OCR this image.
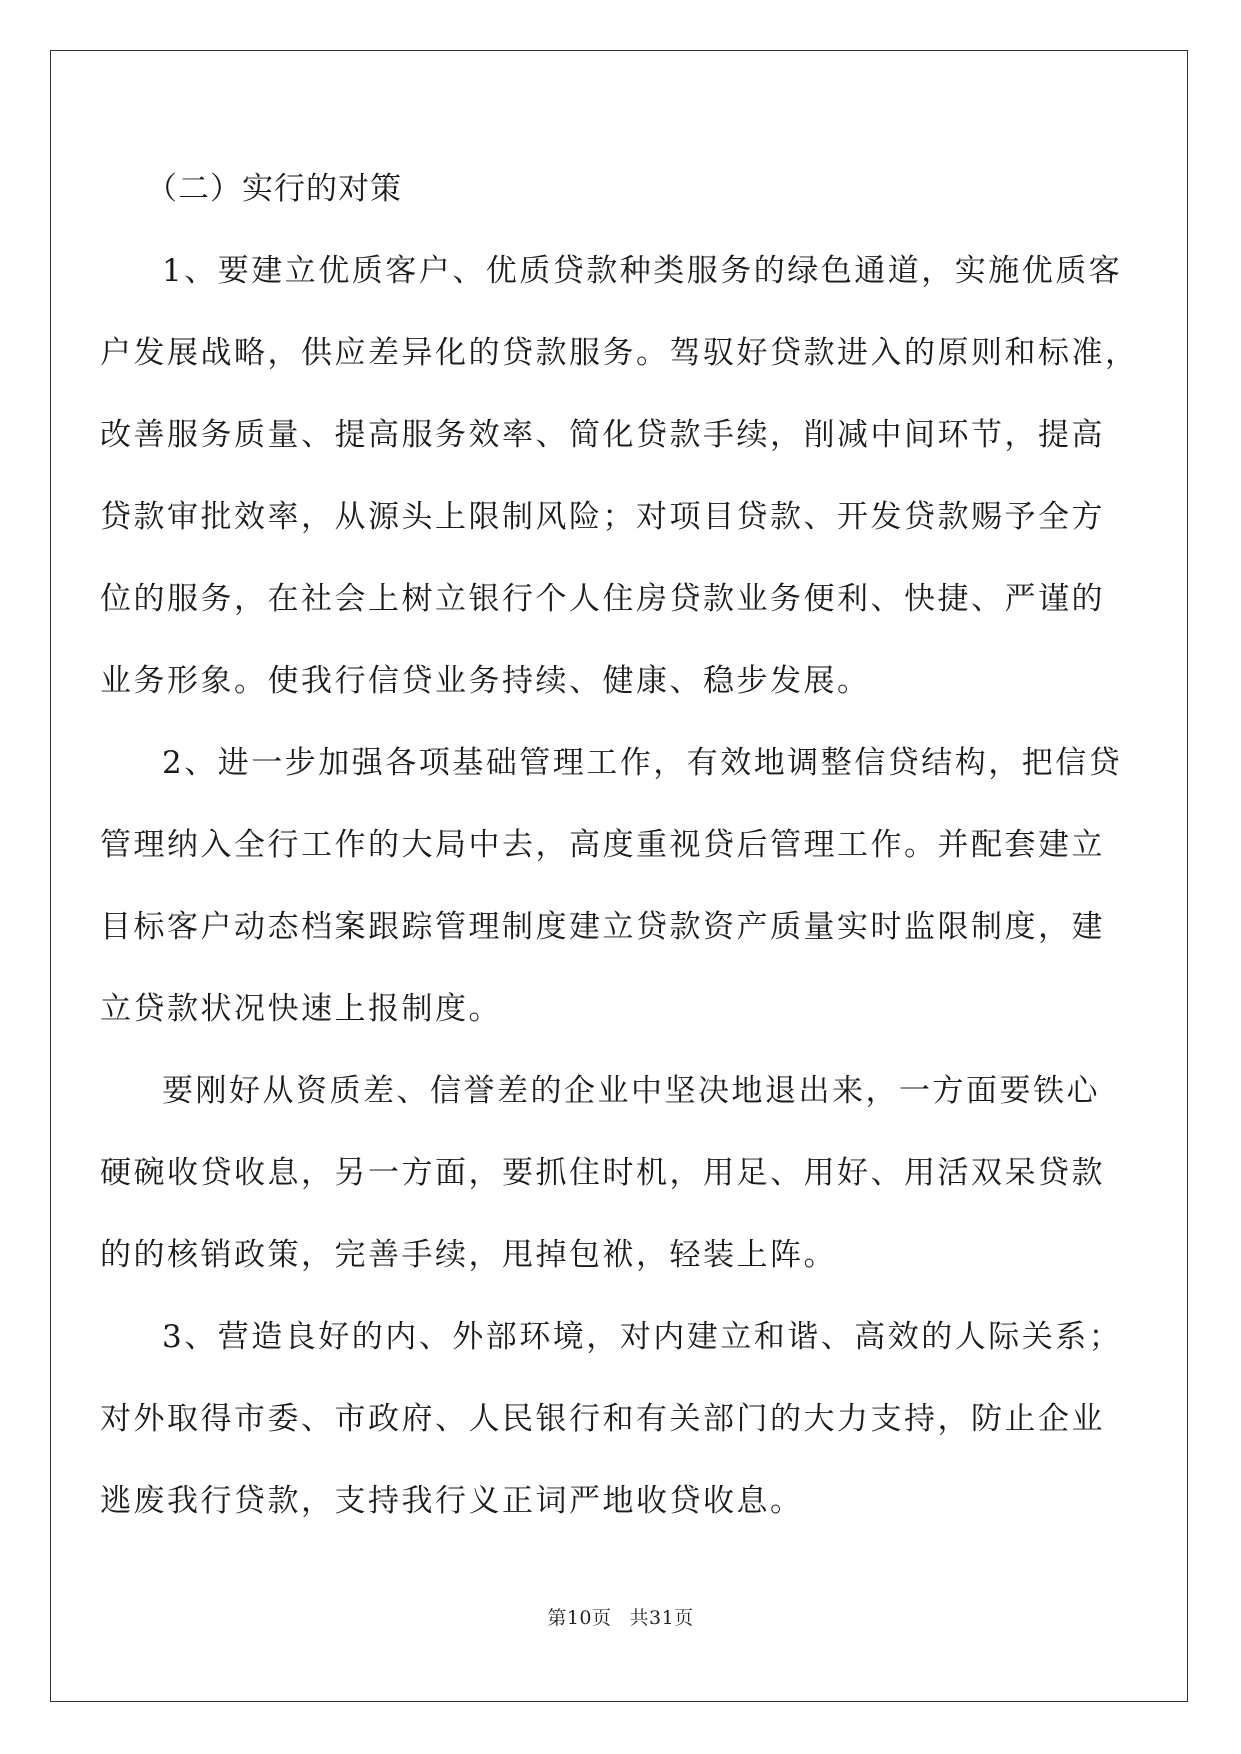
（二）实行的对策

1、要建立优质客户、优质贷款种类服务的绿色通道，实施优质客
户发展战略，供应差异化的贷款服务。驾驭好贷款进入的原则和标准，
改善服务质量、提高服务效率、简化贷款手续，削减中间环节，提高
贷款审批效率，从源头上限制风险；对项目贷款、开发贷款赐予全方
位的服务，在社会上树立银行个人住房贷款业务便利、快捷、严谨的
业务形象。使我行信贷业务持续、健康、稳步发展。
2、进一步加强各项基础管理工作，有效地调整信贷结构，把信贷
管理纳入全行工作的大局中去，高度重视贷后管理工作。并配套建立
目标客户动态档案跟踪管理制度建立贷款资产质量实时监限制度，建
立贷款状况快速上报制度。
要刚好从资质差、信誉差的企业中坚决地退出来，一方面要铁心
硬碗收贷收息，另一方面，要抓住时机，用足、用好、用活双呆贷款
的的核销政策，完善手续，甩掉包袱，轻装上阵。
3、营造良好的内、外部环境，对内建立和谐、高效的人际关系；
对外取得市委、市政府、人民银行和有关部门的大力支持，防止企业
逃废我行贷款，支持我行义正词严地收贷收息。
第10页 共31页
